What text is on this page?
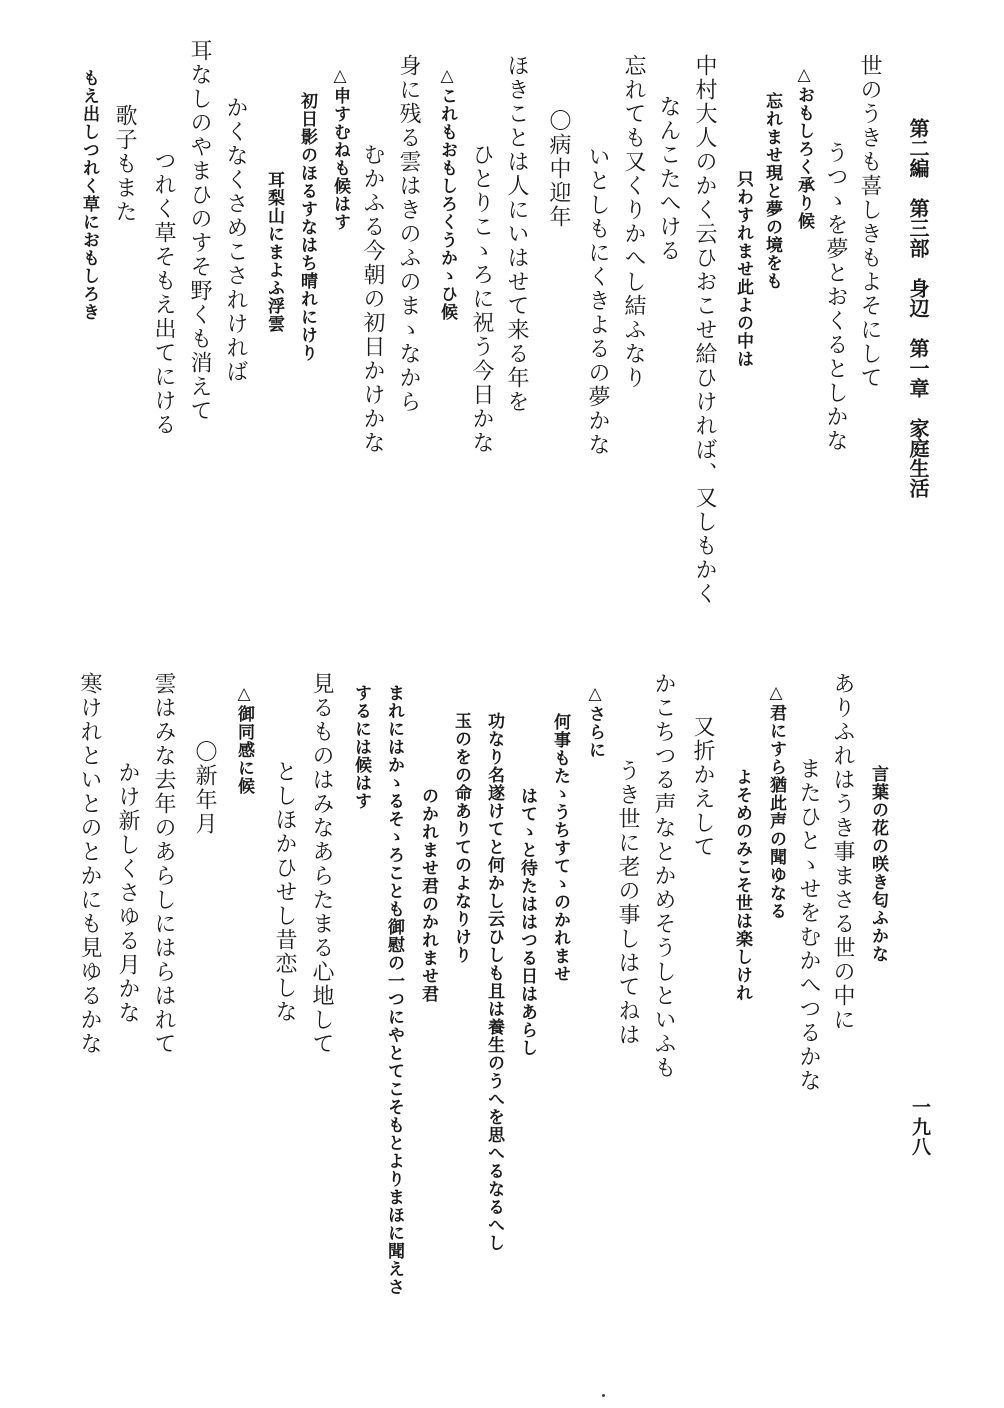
第二編　第三部　身辺　第一章　家庭生活
一九八
世のうきも喜しきもよそにして
うつゝを夢とおくるとしかな
△おもしろく承り候
忘れませ現と夢の境をも
只わすれませ此よの中は
中村大人のかく云ひおこせ給ひければ、又しもかく
なんこたへける
忘れても又くりかへし結ふなり
いとしもにくきよるの夢かな
〇病中迎年
ほきことは人にいはせて来る年を
ひとりこゝろに祝う今日かな
△これもおもしろくうかゝひ候
身に残る雲はきのふのまゝなから
むかふる今朝の初日かけかな
△申すむねも候はす
初日影のほるすなはち晴れにけり
耳梨山にまよふ浮雲
かくなくさめこされければ
耳なしのやまひのすそ野くも消えて
つれく草そもえ出てにける
歌子もまた
もえ出しつれく草におもしろき
言葉の花の咲き匂ふかな
ありふれはうき事まさる世の中に
またひとゝせをむかへつるかな
△君にすら猶此声の聞ゆなる
よそめのみこそ世は楽しけれ
又折かえして
かこちつる声なとかめそうしといふも
うき世に老の事しはてねは
△さらに
何事もたゝうちすてゝのかれませ
はてゝと待たははつる日はあらし
功なり名遂けてと何かし云ひしも且は養生のうへを思へるなるへし
玉のをの命ありてのよなりけり
のかれませ君のかれませ君
まれにはかゝるそゝろことも御慰の一つにやとてこそもとよりまほに聞えさ
するには候はす
見るものはみなあらたまる心地して
としほかひせし昔恋しな
△御同感に候
〇新年月
雲はみな去年のあらしにはらはれて
かけ新しくさゆる月かな
寒けれといとのとかにも見ゆるかな
